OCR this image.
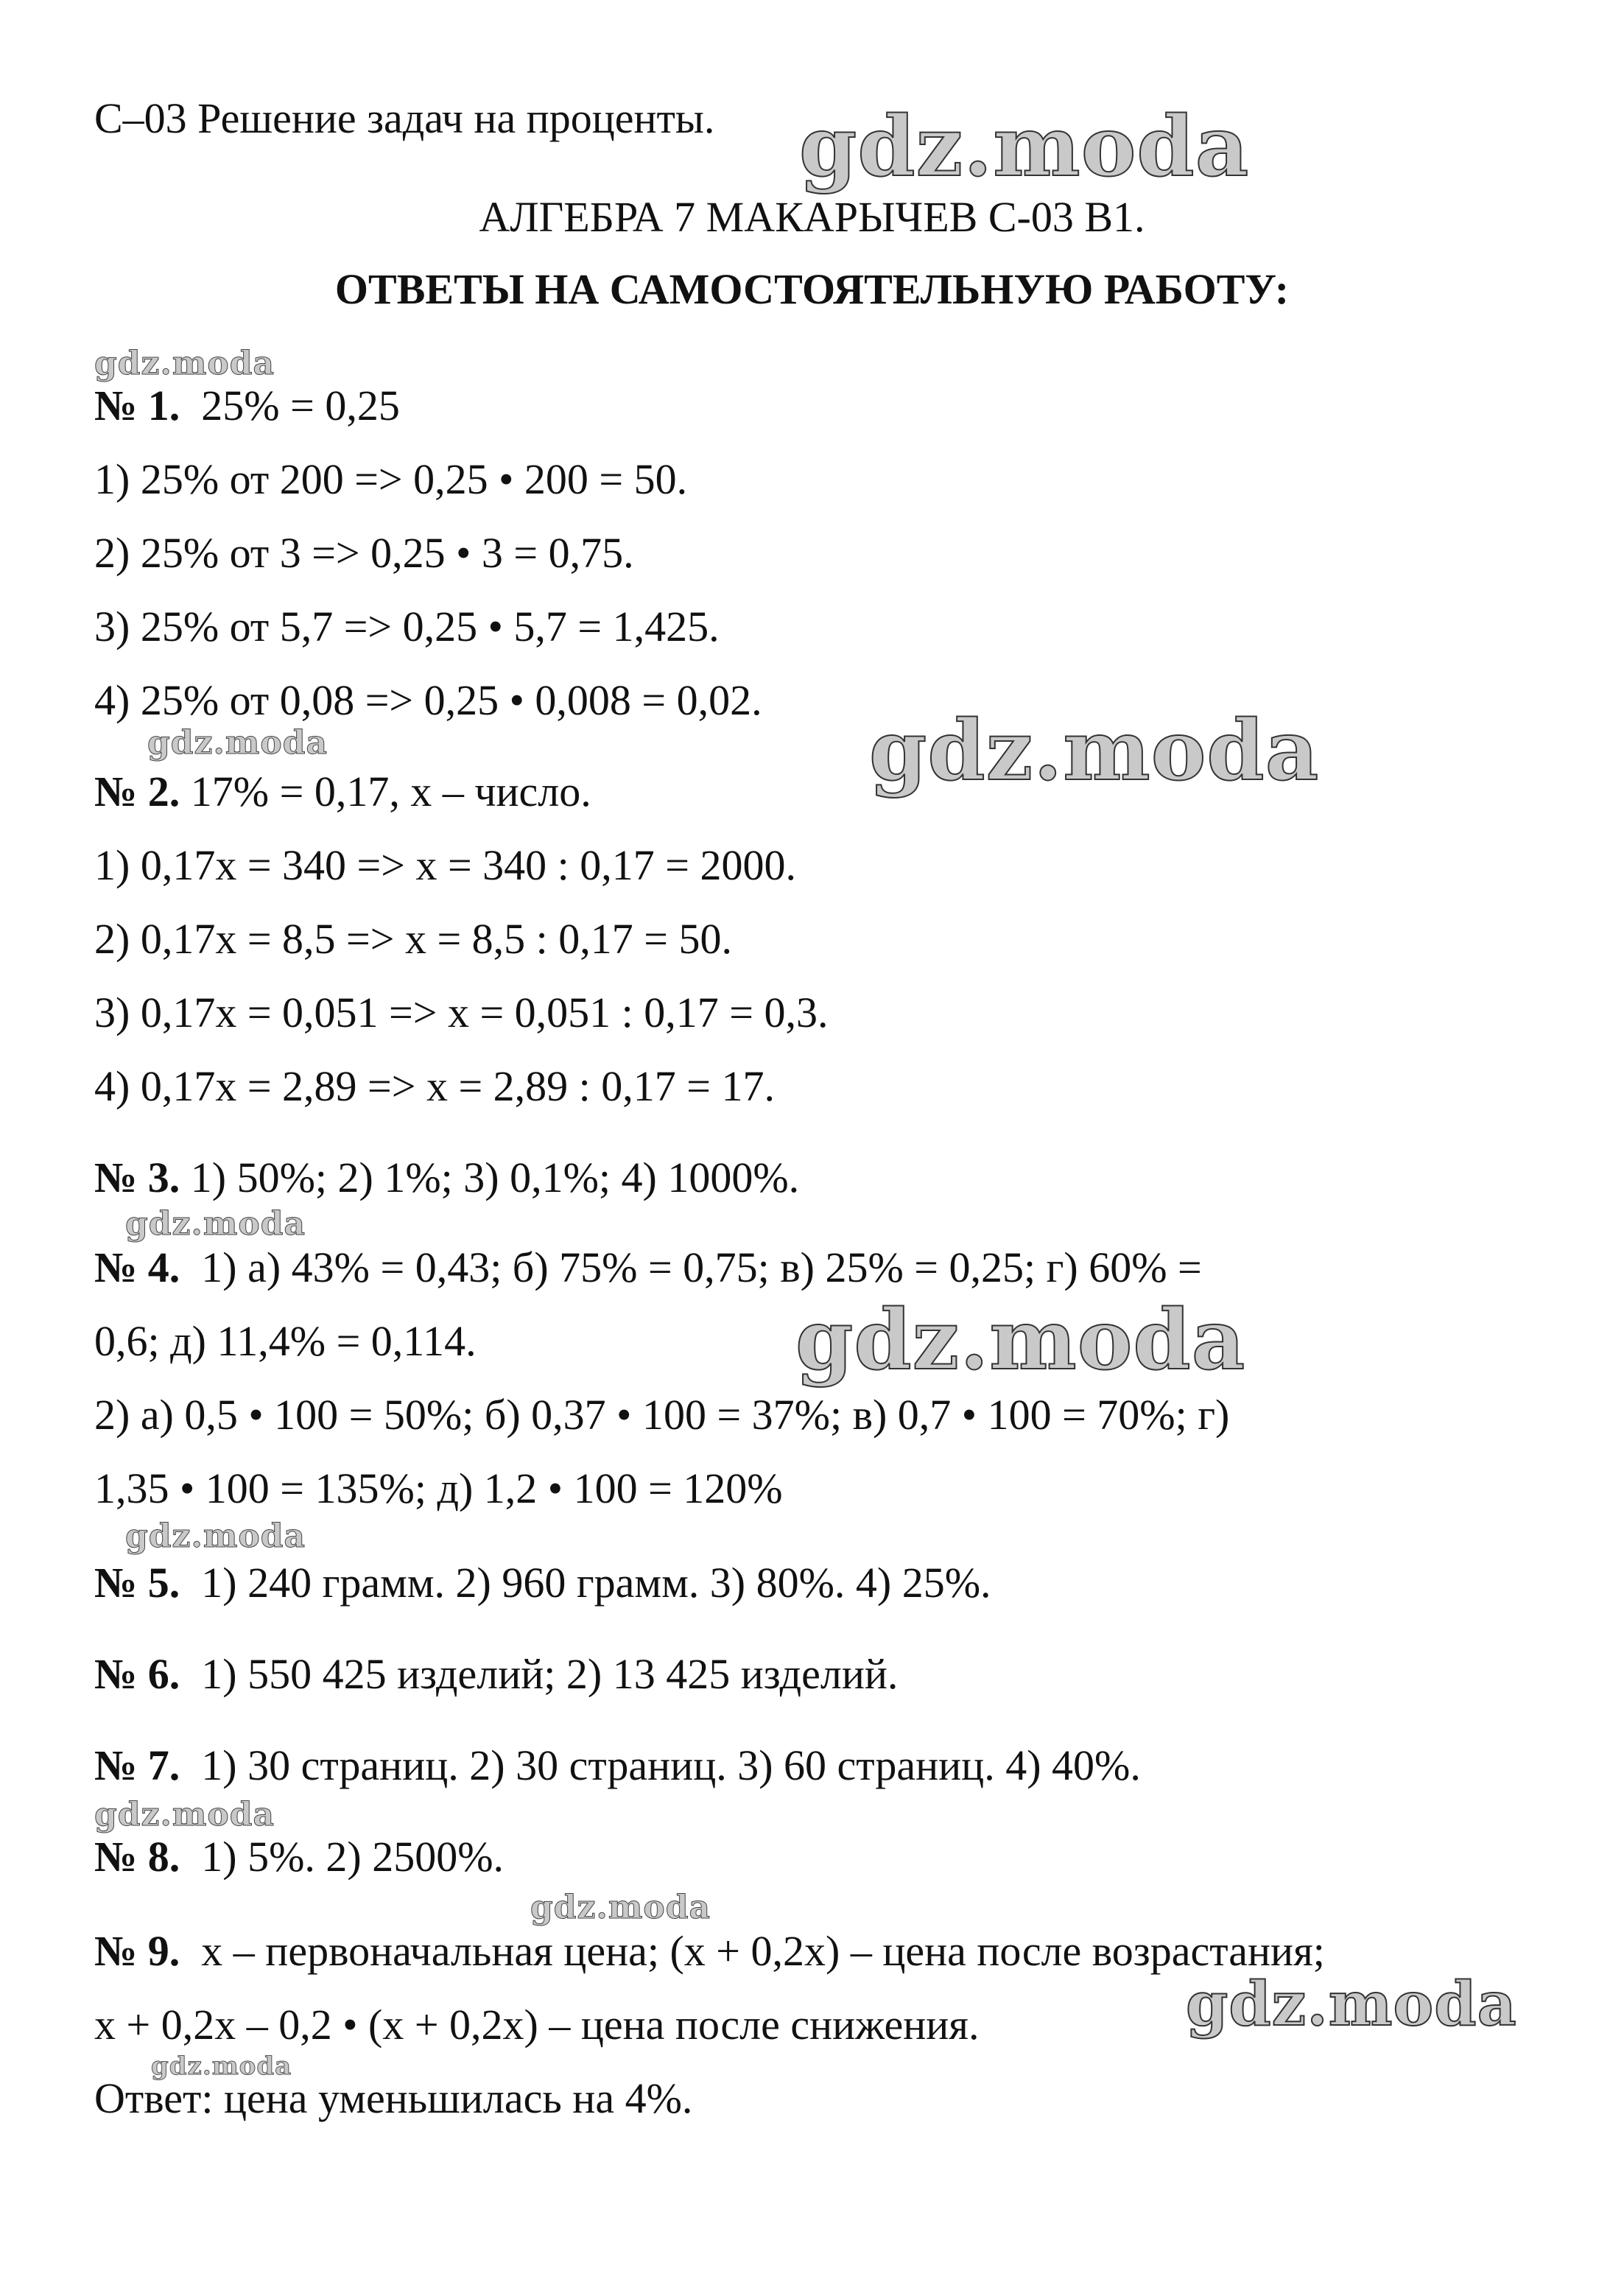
С–03 Решение задач на проценты.
АЛГЕБРА 7 МАКАРЫЧЕВ С-03 В1.
ОТВЕТЫ НА САМОСТОЯТЕЛЬНУЮ РАБОТУ:
№ 1. 25% = 0,25
1) 25% от 200 => 0,25 • 200 = 50.
2) 25% от 3 => 0,25 • 3 = 0,75.
3) 25% от 5,7 => 0,25 • 5,7 = 1,425.
4) 25% от 0,08 => 0,25 • 0,008 = 0,02.
№ 2. 17% = 0,17, х – число.
1) 0,17х = 340 => х = 340 : 0,17 = 2000.
2) 0,17х = 8,5 => х = 8,5 : 0,17 = 50.
3) 0,17х = 0,051 => х = 0,051 : 0,17 = 0,3.
4) 0,17х = 2,89 => х = 2,89 : 0,17 = 17.
№ 3. 1) 50%; 2) 1%; 3) 0,1%; 4) 1000%.
№ 4. 1) а) 43% = 0,43; б) 75% = 0,75; в) 25% = 0,25; г) 60% =
0,6; д) 11,4% = 0,114.
2) а) 0,5 • 100 = 50%; б) 0,37 • 100 = 37%; в) 0,7 • 100 = 70%; г)
1,35 • 100 = 135%; д) 1,2 • 100 = 120%
№ 5. 1) 240 грамм. 2) 960 грамм. 3) 80%. 4) 25%.
№ 6. 1) 550 425 изделий; 2) 13 425 изделий.
№ 7. 1) 30 страниц. 2) 30 страниц. 3) 60 страниц. 4) 40%.
№ 8. 1) 5%. 2) 2500%.
№ 9. х – первоначальная цена; (х + 0,2х) – цена после возрастания;
х + 0,2х – 0,2 • (х + 0,2х) – цена после снижения.
Ответ: цена уменьшилась на 4%.
gdz.moda
gdz.moda
gdz.moda	gdz.moda
gdz.moda
gdz.moda
gdz.moda
gdz.moda
gdz.moda
gdz.moda
gdz.moda
